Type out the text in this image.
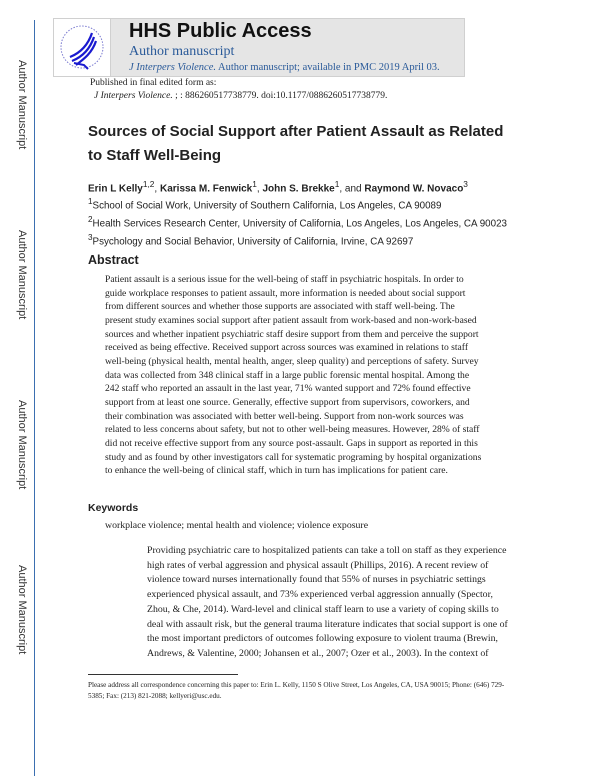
Author Manuscript
Author Manuscript
Author Manuscript
Author Manuscript
HHS Public Access
Author manuscript
J Interpers Violence. Author manuscript; available in PMC 2019 April 03.
Published in final edited form as:
J Interpers Violence. ; : 886260517738779. doi:10.1177/0886260517738779.
Sources of Social Support after Patient Assault as Related to Staff Well-Being
Erin L Kelly$^{1,2}$, Karissa M. Fenwick$^1$, John S. Brekke$^1$, and Raymond W. Novaco$^3$
$^1$School of Social Work, University of Southern California, Los Angeles, CA 90089
$^2$Health Services Research Center, University of California, Los Angeles, Los Angeles, CA 90023
$^3$Psychology and Social Behavior, University of California, Irvine, CA 92697
Abstract
Patient assault is a serious issue for the well-being of staff in psychiatric hospitals. In order to
guide workplace responses to patient assault, more information is needed about social support
from different sources and whether those supports are associated with staff well-being. The
present study examines social support after patient assault from work-based and non-work-based
sources and whether inpatient psychiatric staff desire support from them and perceive the support
received as being effective. Received support across sources was examined in relations to staff
well-being (physical health, mental health, anger, sleep quality) and perceptions of safety. Survey
data was collected from 348 clinical staff in a large public forensic mental hospital. Among the
242 staff who reported an assault in the last year, 71% wanted support and 72% found effective
support from at least one source. Generally, effective support from supervisors, coworkers, and
their combination was associated with better well-being. Support from non-work sources was
related to less concerns about safety, but not to other well-being measures. However, 28% of staff
did not receive effective support from any source post-assault. Gaps in support as reported in this
study and as found by other investigators call for systematic programing by hospital organizations
to enhance the well-being of clinical staff, which in turn has implications for patient care.
Keywords
workplace violence; mental health and violence; violence exposure
Providing psychiatric care to hospitalized patients can take a toll on staff as they experience
high rates of verbal aggression and physical assault (Phillips, 2016). A recent review of
violence toward nurses internationally found that 55% of nurses in psychiatric settings
experienced physical assault, and 73% experienced verbal aggression annually (Spector,
Zhou, & Che, 2014). Ward-level and clinical staff learn to use a variety of coping skills to
deal with assault risk, but the general trauma literature indicates that social support is one of
the most important predictors of outcomes following exposure to violent trauma (Brewin,
Andrews, & Valentine, 2000; Johansen et al., 2007; Ozer et al., 2003). In the context of
Please address all correspondence concerning this paper to: Erin L. Kelly, 1150 S Olive Street, Los Angeles, CA, USA 90015; Phone: (646) 729-5385; Fax: (213) 821-2088; kellyeri@usc.edu.
